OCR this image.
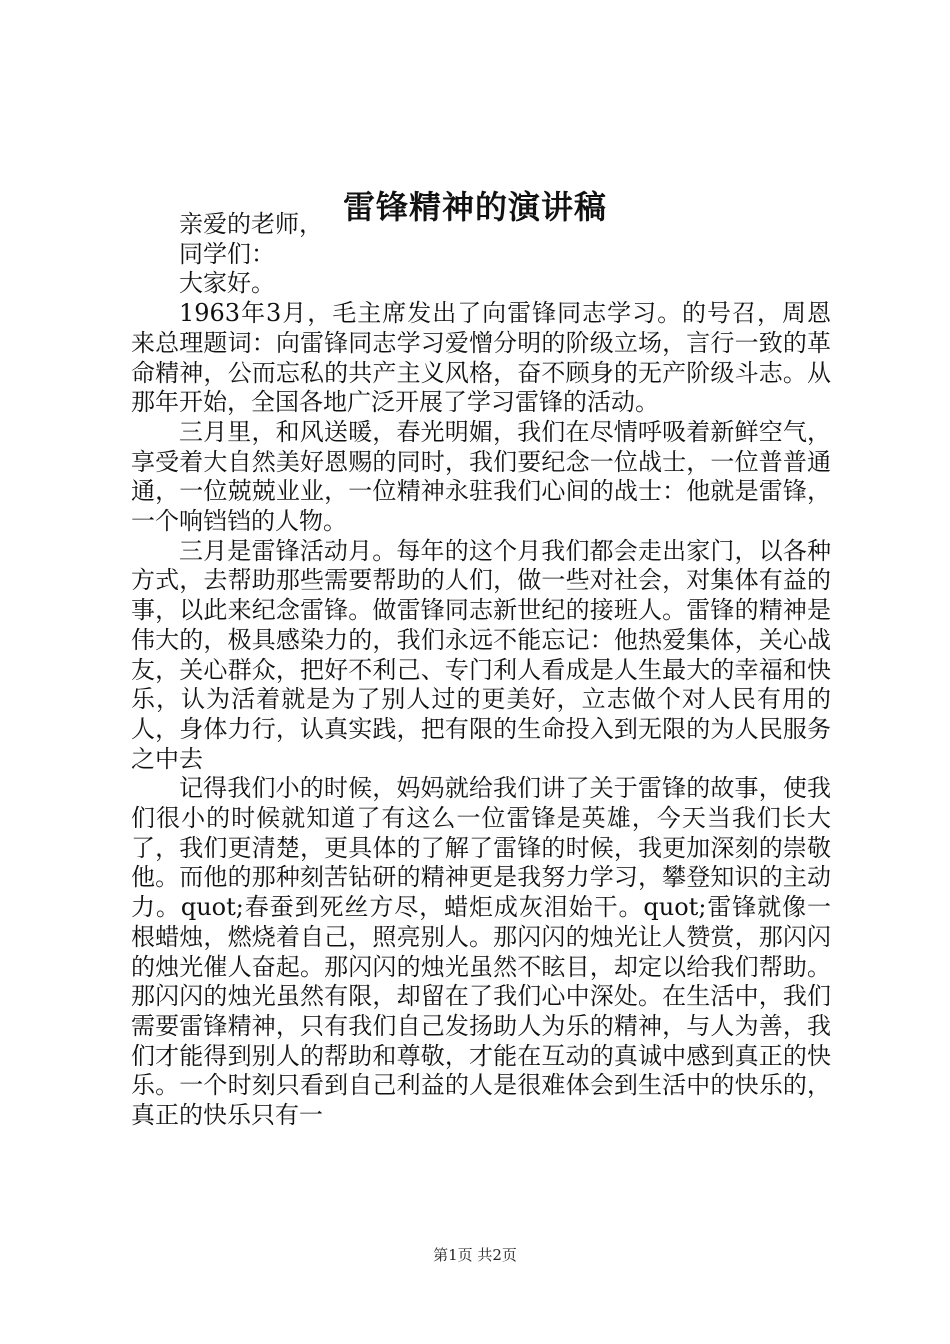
雷锋精神的演讲稿

亲爱的老师，

同学们：

大家好。

1963年3月，毛主席发出了向雷锋同志学习。的号召，周恩来总理题词：向雷锋同志学习爱憎分明的阶级立场，言行一致的革命精神，公而忘私的共产主义风格，奋不顾身的无产阶级斗志。从那年开始，全国各地广泛开展了学习雷锋的活动。

三月里，和风送暖，春光明媚，我们在尽情呼吸着新鲜空气，享受着大自然美好恩赐的同时，我们要纪念一位战士，一位普普通通，一位兢兢业业，一位精神永驻我们心间的战士：他就是雷锋，一个响铛铛的人物。

三月是雷锋活动月。每年的这个月我们都会走出家门，以各种方式，去帮助那些需要帮助的人们，做一些对社会，对集体有益的事，以此来纪念雷锋。做雷锋同志新世纪的接班人。雷锋的精神是伟大的，极具感染力的，我们永远不能忘记：他热爱集体，关心战友，关心群众，把好不利己、专门利人看成是人生最大的幸福和快乐，认为活着就是为了别人过的更美好，立志做个对人民有用的人，身体力行，认真实践，把有限的生命投入到无限的为人民服务之中去

记得我们小的时候，妈妈就给我们讲了关于雷锋的故事，使我们很小的时候就知道了有这么一位雷锋是英雄，今天当我们长大了，我们更清楚，更具体的了解了雷锋的时候，我更加深刻的崇敬他。而他的那种刻苦钻研的精神更是我努力学习，攀登知识的主动力。quot;春蚕到死丝方尽，蜡炬成灰泪始干。quot;雷锋就像一根蜡烛，燃烧着自己，照亮别人。那闪闪的烛光让人赞赏，那闪闪的烛光催人奋起。那闪闪的烛光虽然不眩目，却定以给我们帮助。那闪闪的烛光虽然有限，却留在了我们心中深处。在生活中，我们需要雷锋精神，只有我们自己发扬助人为乐的精神，与人为善，我们才能得到别人的帮助和尊敬，才能在互动的真诚中感到真正的快乐。一个时刻只看到自己利益的人是很难体会到生活中的快乐的，真正的快乐只有一

第1页 共2页
